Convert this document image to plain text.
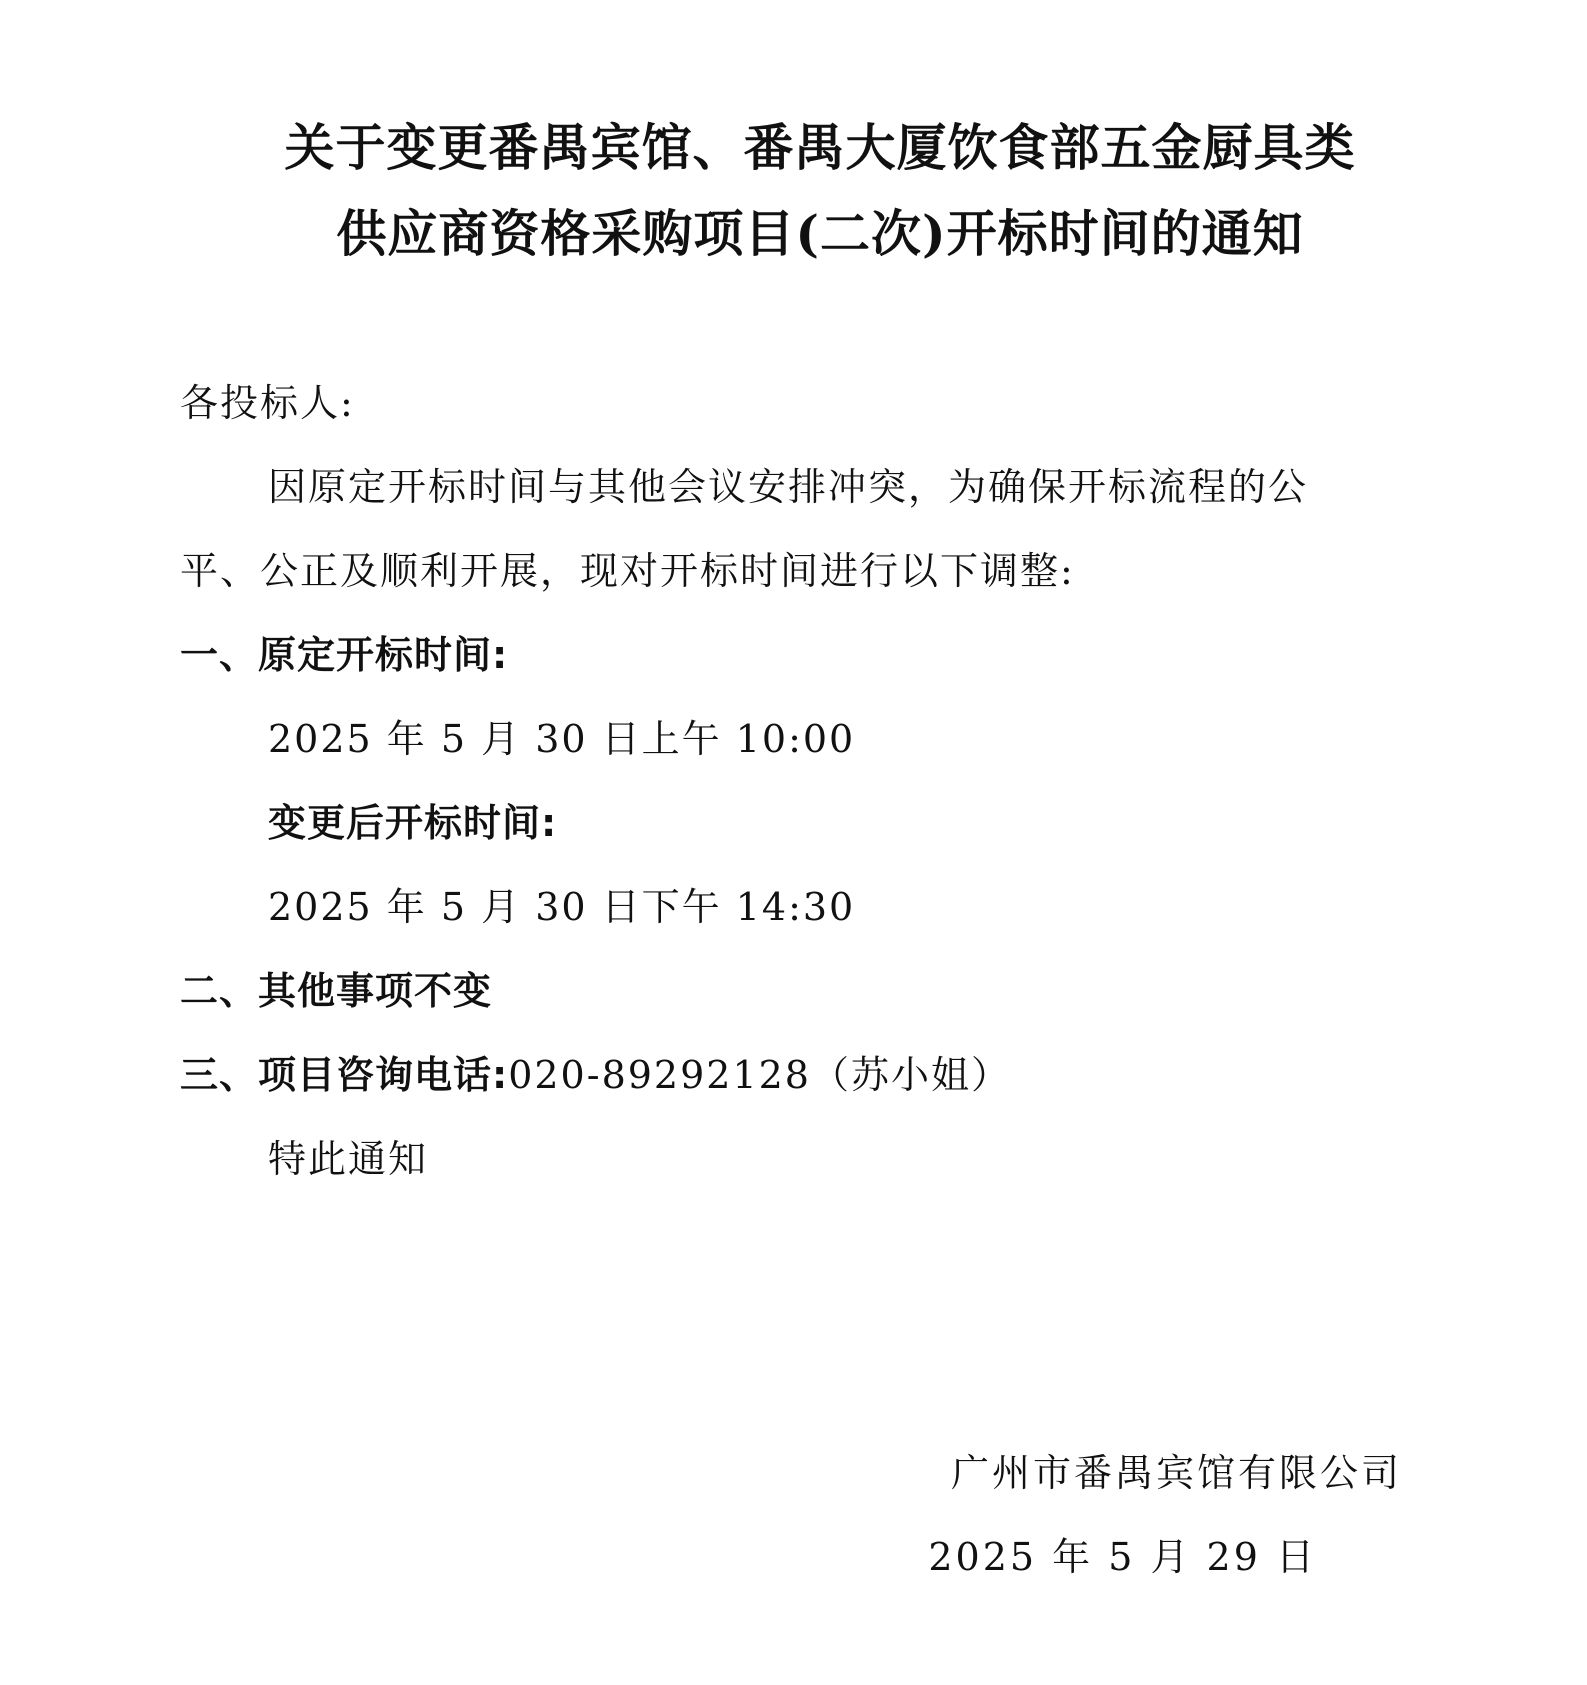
关于变更番禺宾馆、番禺大厦饮食部五金厨具类
供应商资格采购项目(二次)开标时间的通知
各投标人:
因原定开标时间与其他会议安排冲突，为确保开标流程的公
平、公正及顺利开展，现对开标时间进行以下调整:
一、原定开标时间:
2025 年 5 月 30 日上午 10:00
变更后开标时间:
2025 年 5 月 30 日下午 14:30
二、其他事项不变
三、项目咨询电话:020-89292128（苏小姐）
特此通知
广州市番禺宾馆有限公司
2025 年 5 月 29 日
